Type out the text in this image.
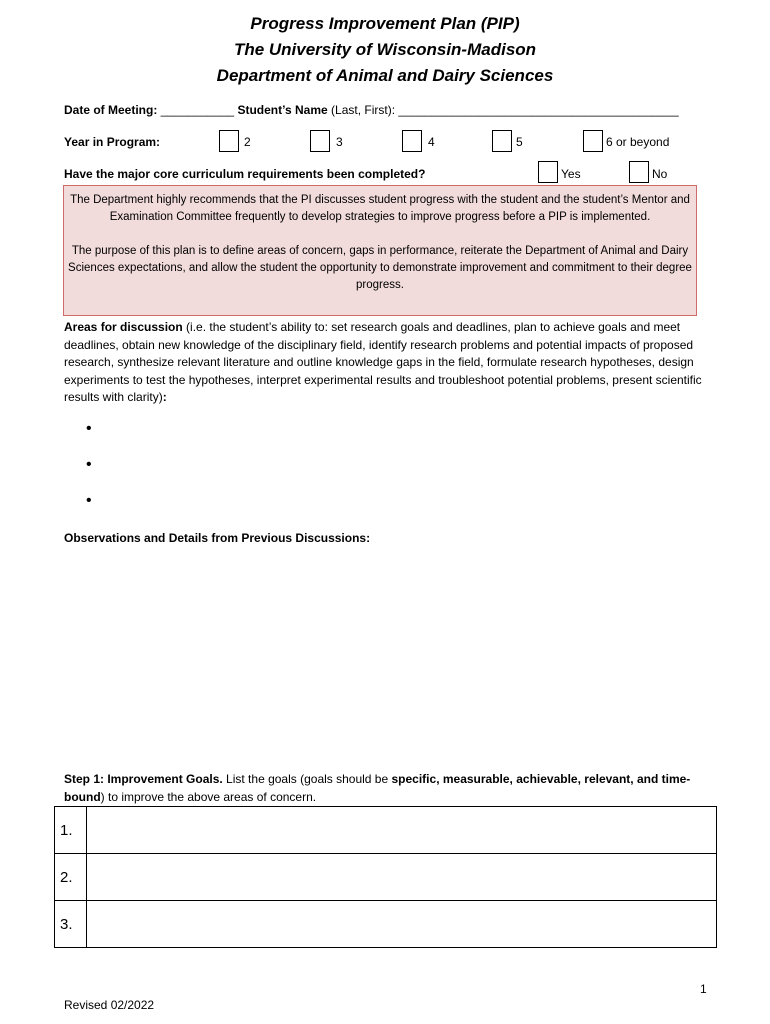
Progress Improvement Plan (PIP)
The University of Wisconsin-Madison
Department of Animal and Dairy Sciences
Date of Meeting: ___________ Student’s Name (Last, First): __________________________________________
Year in Program:	2	3	4	5	6 or beyond
Have the major core curriculum requirements been completed?	Yes	No

The Department highly recommends that the PI discusses student progress with the student and the student’s Mentor and Examination Committee frequently to develop strategies to improve progress before a PIP is implemented.

The purpose of this plan is to define areas of concern, gaps in performance, reiterate the Department of Animal and Dairy Sciences expectations, and allow the student the opportunity to demonstrate improvement and commitment to their degree progress.

Areas for discussion (i.e. the student’s ability to: set research goals and deadlines, plan to achieve goals and meet deadlines, obtain new knowledge of the disciplinary field, identify research problems and potential impacts of proposed research, synthesize relevant literature and outline knowledge gaps in the field, formulate research hypotheses, design experiments to test the hypotheses, interpret experimental results and troubleshoot potential problems, present scientific results with clarity):
•
•
•
Observations and Details from Previous Discussions:
Step 1: Improvement Goals. List the goals (goals should be specific, measurable, achievable, relevant, and time-bound) to improve the above areas of concern.
1.	
2.	
3.	
1
Revised 02/2022
